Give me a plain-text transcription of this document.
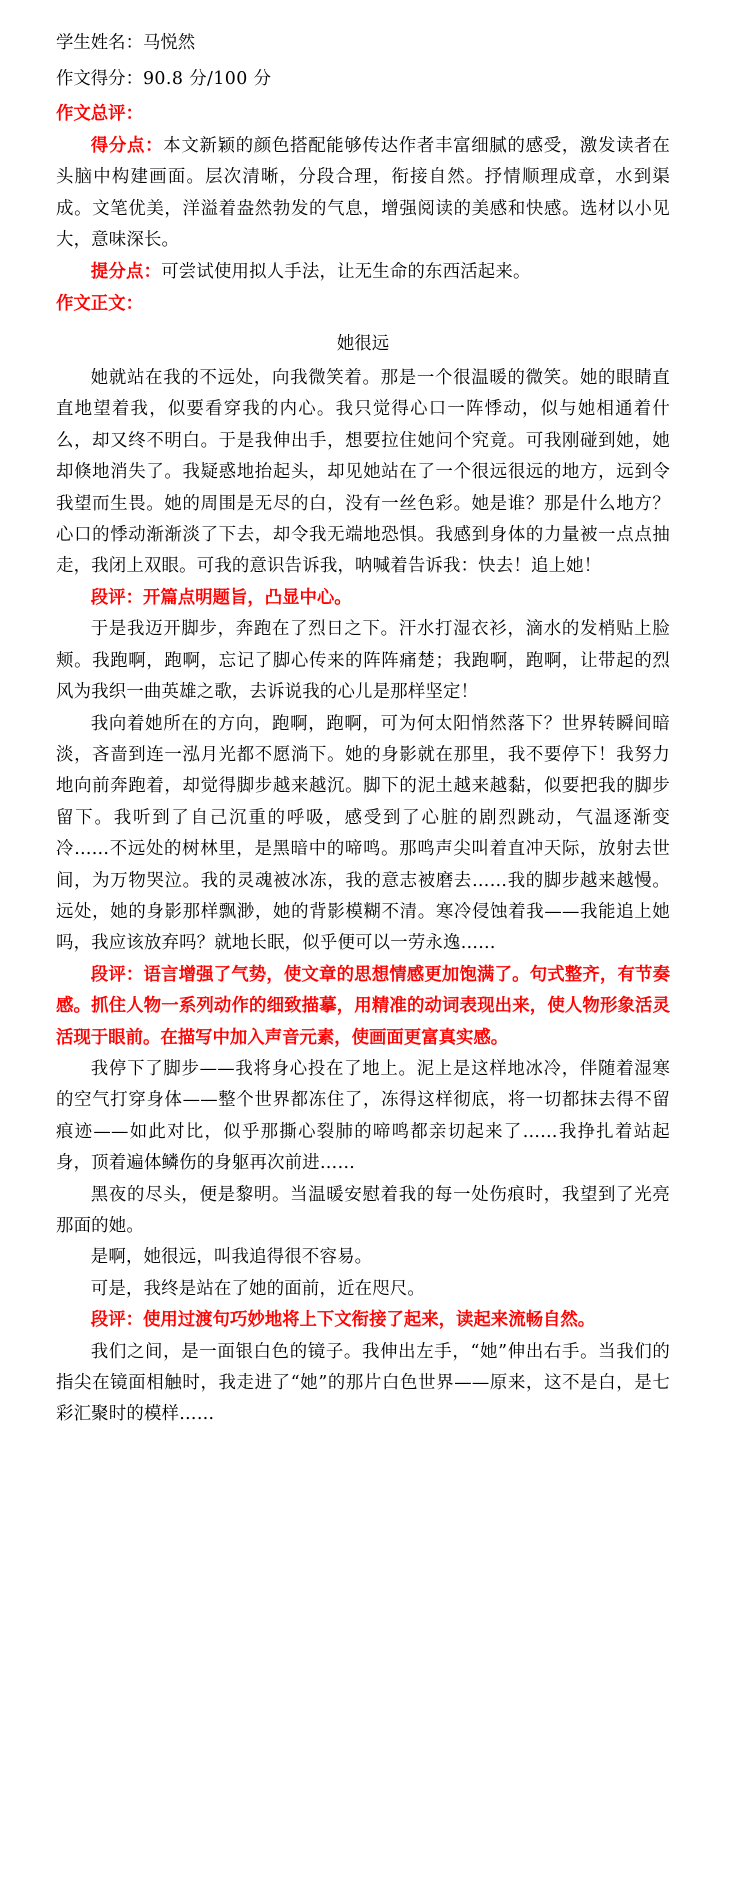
学生姓名：马悦然
作文得分：90.8 分/100 分
作文总评：

得分点：本文新颖的颜色搭配能够传达作者丰富细腻的感受，激发读者在头脑中构建画面。层次清晰，分段合理，衔接自然。抒情顺理成章，水到渠成。文笔优美，洋溢着盎然勃发的气息，增强阅读的美感和快感。选材以小见大，意味深长。

提分点：可尝试使用拟人手法，让无生命的东西活起来。

作文正文：
她很远

她就站在我的不远处，向我微笑着。那是一个很温暖的微笑。她的眼睛直直地望着我，似要看穿我的内心。我只觉得心口一阵悸动，似与她相通着什么，却又终不明白。于是我伸出手，想要拉住她问个究竟。可我刚碰到她，她却倏地消失了。我疑惑地抬起头，却见她站在了一个很远很远的地方，远到令我望而生畏。她的周围是无尽的白，没有一丝色彩。她是谁？那是什么地方？心口的悸动渐渐淡了下去，却令我无端地恐惧。我感到身体的力量被一点点抽走，我闭上双眼。可我的意识告诉我，呐喊着告诉我：快去！追上她！

段评：开篇点明题旨，凸显中心。

于是我迈开脚步，奔跑在了烈日之下。汗水打湿衣衫，滴水的发梢贴上脸颊。我跑啊，跑啊，忘记了脚心传来的阵阵痛楚；我跑啊，跑啊，让带起的烈风为我织一曲英雄之歌，去诉说我的心儿是那样坚定！

我向着她所在的方向，跑啊，跑啊，可为何太阳悄然落下？世界转瞬间暗淡，吝啬到连一泓月光都不愿淌下。她的身影就在那里，我不要停下！我努力地向前奔跑着，却觉得脚步越来越沉。脚下的泥土越来越黏，似要把我的脚步留下。我听到了自己沉重的呼吸，感受到了心脏的剧烈跳动，气温逐渐变冷……不远处的树林里，是黑暗中的啼鸣。那鸣声尖叫着直冲天际，放射去世间，为万物哭泣。我的灵魂被冰冻，我的意志被磨去……我的脚步越来越慢。远处，她的身影那样飘渺，她的背影模糊不清。寒冷侵蚀着我——我能追上她吗，我应该放弃吗？就地长眠，似乎便可以一劳永逸……

段评：语言增强了气势，使文章的思想情感更加饱满了。句式整齐，有节奏感。抓住人物一系列动作的细致描摹，用精准的动词表现出来，使人物形象活灵活现于眼前。在描写中加入声音元素，使画面更富真实感。

我停下了脚步——我将身心投在了地上。泥上是这样地冰冷，伴随着湿寒的空气打穿身体——整个世界都冻住了，冻得这样彻底，将一切都抹去得不留痕迹——如此对比，似乎那撕心裂肺的啼鸣都亲切起来了……我挣扎着站起身，顶着遍体鳞伤的身躯再次前进……

黑夜的尽头，便是黎明。当温暖安慰着我的每一处伤痕时，我望到了光亮那面的她。

是啊，她很远，叫我追得很不容易。

可是，我终是站在了她的面前，近在咫尺。

段评：使用过渡句巧妙地将上下文衔接了起来，读起来流畅自然。

我们之间，是一面银白色的镜子。我伸出左手，“她”伸出右手。当我们的指尖在镜面相触时，我走进了“她”的那片白色世界——原来，这不是白，是七彩汇聚时的模样……
